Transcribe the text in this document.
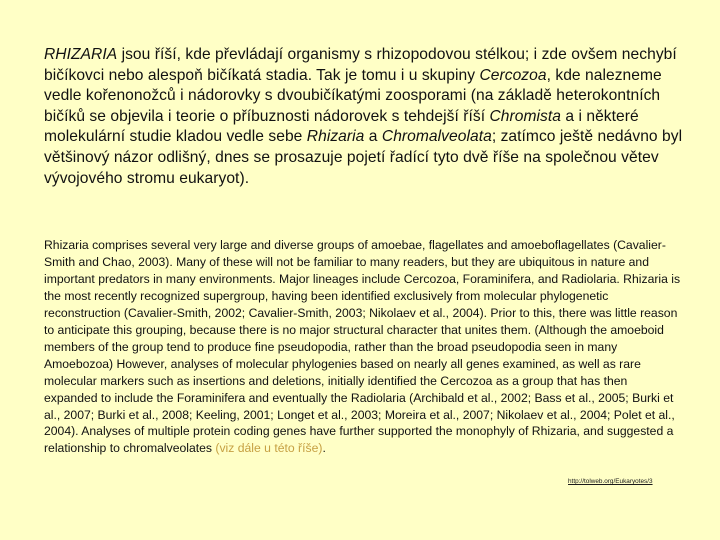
RHIZARIA jsou říší, kde převládají organismy s rhizopodovou stélkou; i zde ovšem nechybí bičíkovci nebo alespoň bičíkatá stadia. Tak je tomu i u skupiny Cercozoa, kde nalezneme vedle kořenonožců i nádorovky s dvoubičíkatými zoosporami (na základě heterokontních bičíků se objevila i teorie o příbuznosti nádorovek s tehdejší říší Chromista a i některé molekulární studie kladou vedle sebe Rhizaria a Chromalveolata; zatímco ještě nedávno byl většinový názor odlišný, dnes se prosazuje pojetí řadící tyto dvě říše na společnou větev vývojového stromu eukaryot).

Rhizaria comprises several very large and diverse groups of amoebae, flagellates and amoeboflagellates (Cavalier-Smith and Chao, 2003). Many of these will not be familiar to many readers, but they are ubiquitous in nature and important predators in many environments. Major lineages include Cercozoa, Foraminifera, and Radiolaria. Rhizaria is the most recently recognized supergroup, having been identified exclusively from molecular phylogenetic reconstruction (Cavalier-Smith, 2002; Cavalier-Smith, 2003; Nikolaev et al., 2004). Prior to this, there was little reason to anticipate this grouping, because there is no major structural character that unites them. (Although the amoeboid members of the group tend to produce fine pseudopodia, rather than the broad pseudopodia seen in many Amoebozoa) However, analyses of molecular phylogenies based on nearly all genes examined, as well as rare molecular markers such as insertions and deletions, initially identified the Cercozoa as a group that has then expanded to include the Foraminifera and eventually the Radiolaria (Archibald et al., 2002; Bass et al., 2005; Burki et al., 2007; Burki et al., 2008; Keeling, 2001; Longet et al., 2003; Moreira et al., 2007; Nikolaev et al., 2004; Polet et al., 2004). Analyses of multiple protein coding genes have further supported the monophyly of Rhizaria, and suggested a relationship to chromalveolates (viz dále u této říše).

http://tolweb.org/Eukaryotes/3
